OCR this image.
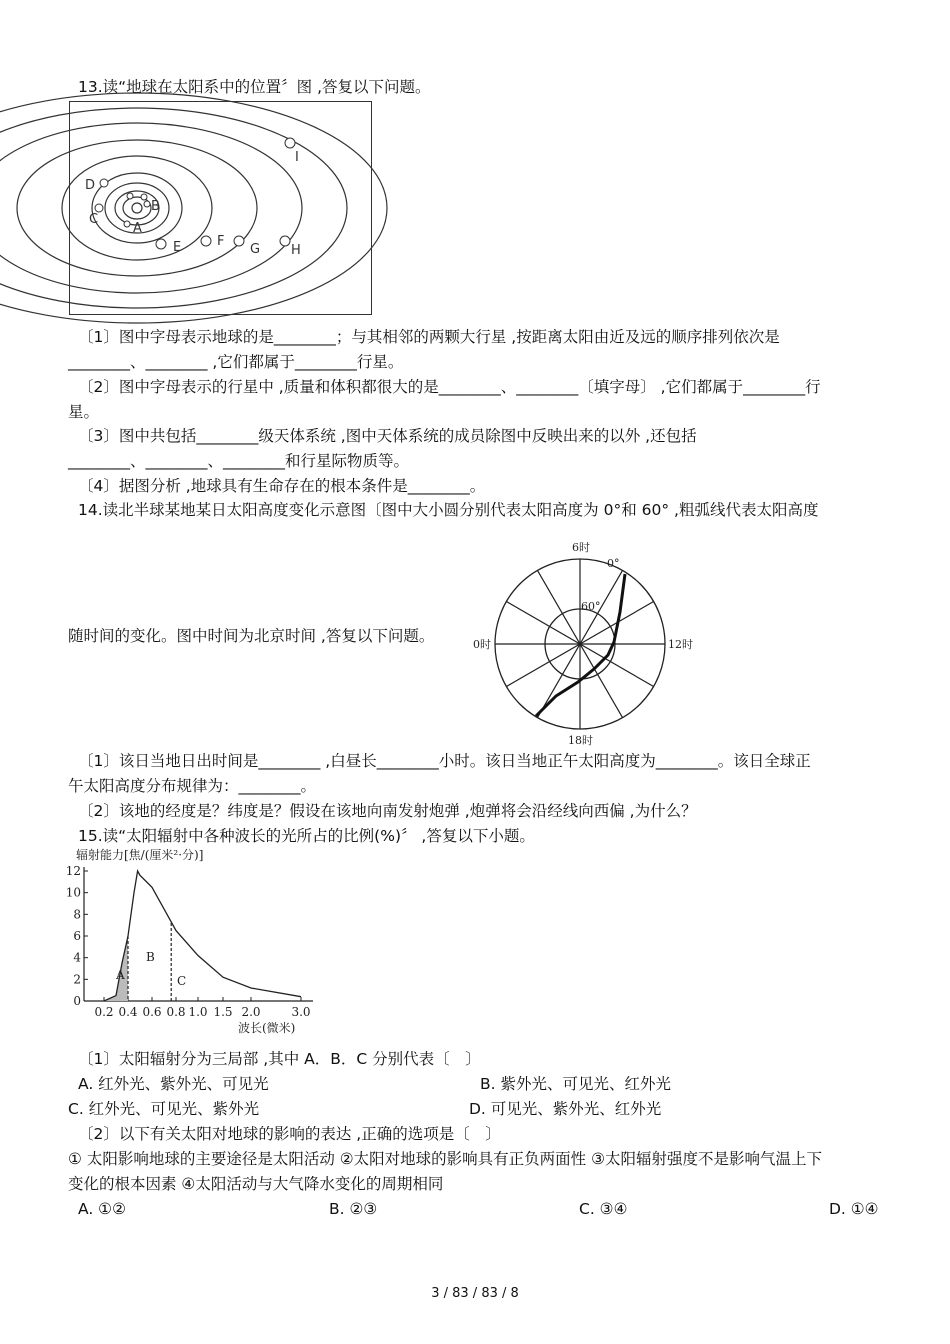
13.读“地球在太阳系中的位置〞图 ,答复以下问题。
A
B
C
D
E	F
G H
I
〔1〕图中字母表示地球的是________；与其相邻的两颗大行星 ,按距离太阳由近及远的顺序排列依次是
________、________ ,它们都属于________行星。
〔2〕图中字母表示的行星中 ,质量和体积都很大的是________、________〔填字母〕 ,它们都属于________行
星。
〔3〕图中共包括________级天体系统 ,图中天体系统的成员除图中反映出来的以外 ,还包括
________、________、________和行星际物质等。
〔4〕据图分析 ,地球具有生命存在的根本条件是________。
14.读北半球某地某日太阳高度变化示意图〔图中大小圆分别代表太阳高度为 0°和 60° ,粗弧线代表太阳高度
随时间的变化。图中时间为北京时间 ,答复以下问题。
6时
18时
0时	12时
0°
60°
〔1〕该日当地日出时间是________ ,白昼长________小时。该日当地正午太阳高度为________。该日全球正
午太阳高度分布规律为：________。
〔2〕该地的经度是？纬度是？假设在该地向南发射炮弹 ,炮弹将会沿经线向西偏 ,为什么？
15.读“太阳辐射中各种波长的光所占的比例(%)〞 ,答复以下小题。
辐射能力[焦/(厘米²·分)]
0
2
4
6
8
10
12
0.2 0.4 0.6 0.8 1.0 1.5 2.0	3.0
A
B
C
波长(微米)
〔1〕太阳辐射分为三局部 ,其中 A．B．C 分别代表〔　〕
A. 红外光、紫外光、可见光	B. 紫外光、可见光、红外光
C. 红外光、可见光、紫外光	D. 可见光、紫外光、红外光
〔2〕以下有关太阳对地球的影响的表达 ,正确的选项是〔　〕
① 太阳影响地球的主要途径是太阳活动 ②太阳对地球的影响具有正负两面性 ③太阳辐射强度不是影响气温上下
变化的根本因素 ④太阳活动与大气降水变化的周期相同
A. ①②	B. ②③	C. ③④	D. ①④
3 / 83 / 83 / 8
